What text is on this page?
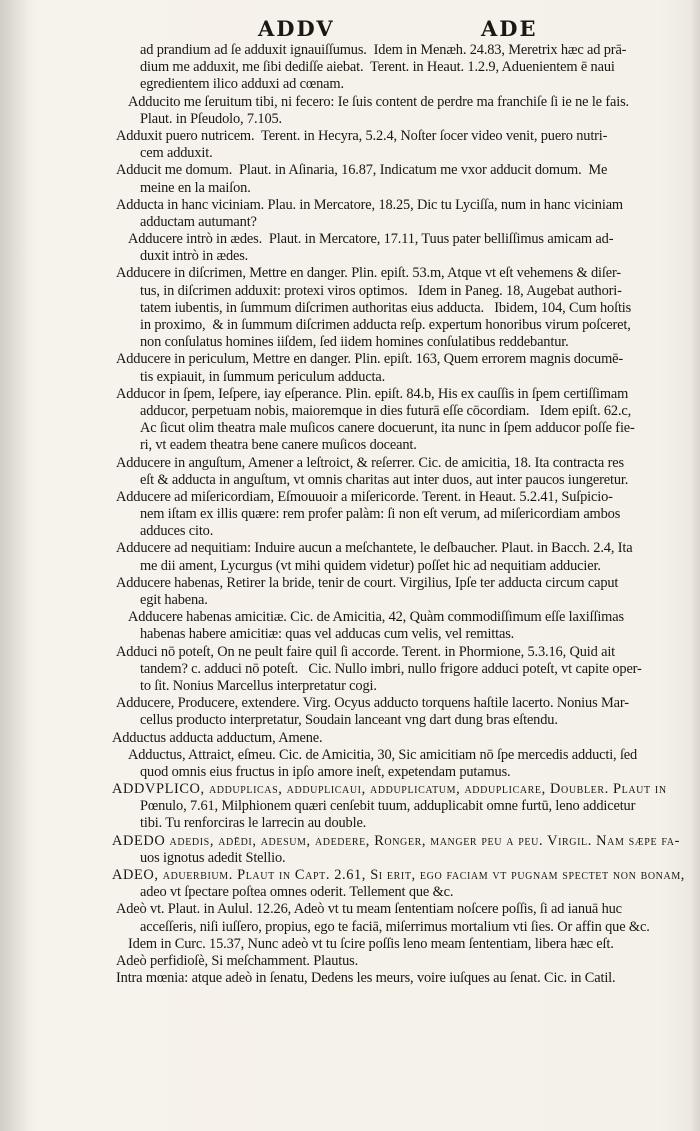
ADDV	ADE
ad prandium ad ſe adduxit ignauiſſumus.  Idem in Menæh. 24.83, Meretrix hæc ad prā-
dium me adduxit, me ſibi dediſſe aiebat.  Terent. in Heaut. 1.2.9, Aduenientem ē naui
egredientem ilico adduxi ad cœnam.
Adducito me ſeruitum tibi, ni fecero: Ie ſuis content de perdre ma franchiſe ſi ie ne le fais.
Plaut. in Pſeudolo, 7.105.
Adduxit puero nutricem.  Terent. in Hecyra, 5.2.4, Noſter ſocer video venit, puero nutri-
cem adduxit.
Adducit me domum.  Plaut. in Aſinaria, 16.87, Indicatum me vxor adducit domum.  Me
meine en la maiſon.
Adducta in hanc viciniam. Plau. in Mercatore, 18.25, Dic tu Lyciſſa, num in hanc viciniam
adductam autumant?
Adducere intrò in ædes.  Plaut. in Mercatore, 17.11, Tuus pater belliſſimus amicam ad-
duxit intrò in ædes.
Adducere in diſcrimen, Mettre en danger. Plin. epiſt. 53.m, Atque vt eſt vehemens & diſer-
tus, in diſcrimen adduxit: protexi viros optimos.   Idem in Paneg. 18, Augebat authori-
tatem iubentis, in ſummum diſcrimen authoritas eius adducta.   Ibidem, 104, Cum hoſtis
in proximo,  & in ſummum diſcrimen adducta reſp. expertum honoribus virum poſceret,
non conſulatus homines iiſdem, ſed iidem homines conſulatibus reddebantur.
Adducere in periculum, Mettre en danger. Plin. epiſt. 163, Quem errorem magnis documē-
tis expiauit, in ſummum periculum adducta.
Adducor in ſpem, Ieſpere, iay eſperance. Plin. epiſt. 84.b, His ex cauſſis in ſpem certiſſimam
adducor, perpetuam nobis, maioremque in dies futurā eſſe cōcordiam.   Idem epiſt. 62.c,
Ac ſicut olim theatra male muſicos canere docuerunt, ita nunc in ſpem adducor poſſe fie-
ri, vt eadem theatra bene canere muſicos doceant.
Adducere in anguſtum, Amener a leſtroict, & reſerrer. Cic. de amicitia, 18. Ita contracta res
eſt & adducta in anguſtum, vt omnis charitas aut inter duos, aut inter paucos iungeretur.
Adducere ad miſericordiam, Eſmouuoir a miſericorde. Terent. in Heaut. 5.2.41, Suſpicio-
nem iſtam ex illis quære: rem profer palàm: ſi non eſt verum, ad miſericordiam ambos
adduces cito.
Adducere ad nequitiam: Induire aucun a meſchantete, le deſbaucher. Plaut. in Bacch. 2.4, Ita
me dii ament, Lycurgus (vt mihi quidem videtur) poſſet hic ad nequitiam adducier.
Adducere habenas, Retirer la bride, tenir de court. Virgilius, Ipſe ter adducta circum caput
egit habena.
Adducere habenas amicitiæ. Cic. de Amicitia, 42, Quàm commodiſſimum eſſe laxiſſimas
habenas habere amicitiæ: quas vel adducas cum velis, vel remittas.
Adduci nō poteſt, On ne peult faire quil ſi accorde. Terent. in Phormione, 5.3.16, Quid ait
tandem? c. adduci nō poteſt.   Cic. Nullo imbri, nullo frigore adduci poteſt, vt capite oper-
to ſit. Nonius Marcellus interpretatur cogi.
Adducere, Producere, extendere. Virg. Ocyus adducto torquens haſtile lacerto. Nonius Mar-
cellus producto interpretatur, Soudain lanceant vng dart dung bras eſtendu.
Adductus adducta adductum, Amene.
Adductus, Attraict, eſmeu. Cic. de Amicitia, 30, Sic amicitiam nō ſpe mercedis adducti, ſed
quod omnis eius fructus in ipſo amore ineſt, expetendam putamus.
ADDVPLICO, adduplicas, adduplicaui, adduplicatum, adduplicare, Doubler. Plaut in
Pœnulo, 7.61, Milphionem quæri cenſebit tuum, adduplicabit omne furtū, leno addicetur
tibi. Tu renforciras le larrecin au double.
ADEDO adedis, adēdi, adeſum, adedere, Ronger, manger peu a peu. Virgil. Nam ſæpe fa-
uos ignotus adedit Stellio.
ADEO, aduerbium. Plaut in Capt. 2.61, Si erit, ego faciam vt pugnam ſpectet non bonam,
adeo vt ſpectare poſtea omnes oderit. Tellement que &c.
Adeò vt. Plaut. in Aulul. 12.26, Adeò vt tu meam ſententiam noſcere poſſis, ſi ad ianuā huc
acceſſeris, niſi iuſſero, propius, ego te faciā, miſerrimus mortalium vti ſies. Or affin que &c.
Idem in Curc. 15.37, Nunc adeò vt tu ſcire poſſis leno meam ſententiam, libera hæc eſt.
Adeò perfidioſè, Si meſchamment. Plautus.
Intra mœnia: atque adeò in ſenatu, Dedens les meurs, voire iuſques au ſenat. Cic. in Catil.
